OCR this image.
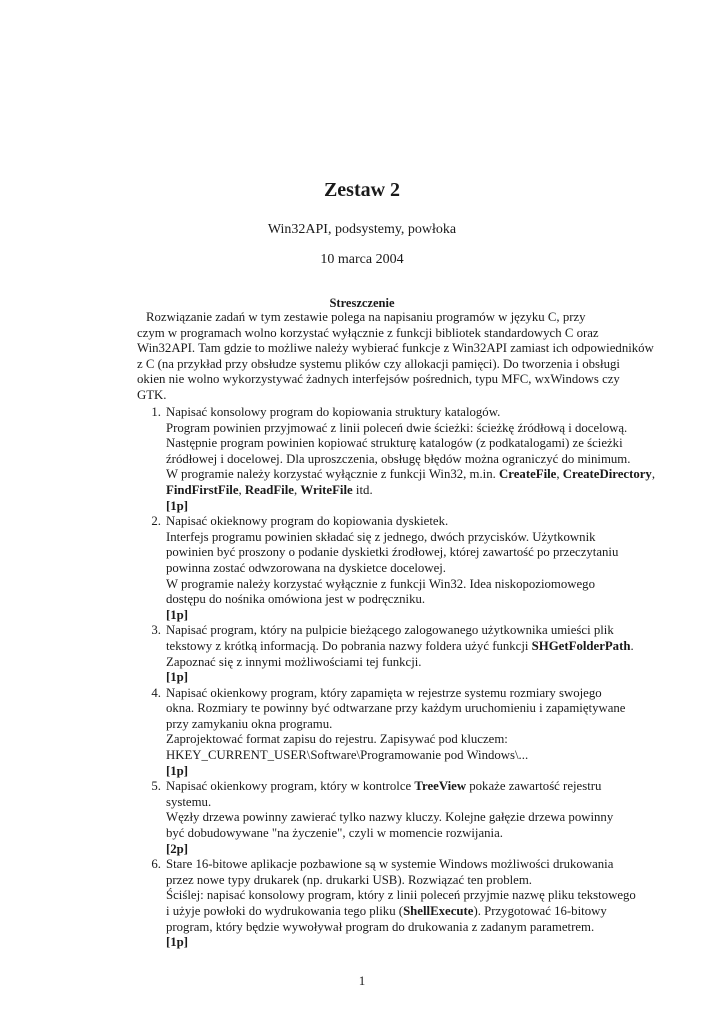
Zestaw 2
Win32API, podsystemy, powłoka
10 marca 2004
Streszczenie
Rozwiązanie zadań w tym zestawie polega na napisaniu programów w języku C, przy
czym w programach wolno korzystać wyłącznie z funkcji bibliotek standardowych C oraz
Win32API. Tam gdzie to możliwe należy wybierać funkcje z Win32API zamiast ich odpowiedników
z C (na przykład przy obsłudze systemu plików czy allokacji pamięci). Do tworzenia i obsługi
okien nie wolno wykorzystywać żadnych interfejsów pośrednich, typu MFC, wxWindows czy
GTK.
1. Napisać konsolowy program do kopiowania struktury katalogów.
Program powinien przyjmować z linii poleceń dwie ścieżki: ścieżkę źródłową i docelową.
Następnie program powinien kopiować strukturę katalogów (z podkatalogami) ze ścieżki
źródłowej i docelowej. Dla uproszczenia, obsługę błędów można ograniczyć do minimum.
W programie należy korzystać wyłącznie z funkcji Win32, m.in. CreateFile, CreateDirectory,
FindFirstFile, ReadFile, WriteFile itd.
[1p]
2. Napisać okieknowy program do kopiowania dyskietek.
Interfejs programu powinien składać się z jednego, dwóch przycisków. Użytkownik
powinien być proszony o podanie dyskietki źrodłowej, której zawartość po przeczytaniu
powinna zostać odwzorowana na dyskietce docelowej.
W programie należy korzystać wyłącznie z funkcji Win32. Idea niskopoziomowego
dostępu do nośnika omówiona jest w podręczniku.
[1p]
3. Napisać program, który na pulpicie bieżącego zalogowanego użytkownika umieści plik
tekstowy z krótką informacją. Do pobrania nazwy foldera użyć funkcji SHGetFolderPath.
Zapoznać się z innymi możliwościami tej funkcji.
[1p]
4. Napisać okienkowy program, który zapamięta w rejestrze systemu rozmiary swojego
okna. Rozmiary te powinny być odtwarzane przy każdym uruchomieniu i zapamiętywane
przy zamykaniu okna programu.
Zaprojektować format zapisu do rejestru. Zapisywać pod kluczem:
HKEY_CURRENT_USER\Software\Programowanie pod Windows\...
[1p]
5. Napisać okienkowy program, który w kontrolce TreeView pokaże zawartość rejestru
systemu.
Węzły drzewa powinny zawierać tylko nazwy kluczy. Kolejne gałęzie drzewa powinny
być dobudowywane "na życzenie", czyli w momencie rozwijania.
[2p]
6. Stare 16-bitowe aplikacje pozbawione są w systemie Windows możliwości drukowania
przez nowe typy drukarek (np. drukarki USB). Rozwiązać ten problem.
Ściślej: napisać konsolowy program, który z linii poleceń przyjmie nazwę pliku tekstowego
i użyje powłoki do wydrukowania tego pliku (ShellExecute). Przygotować 16-bitowy
program, który będzie wywoływał program do drukowania z zadanym parametrem.
[1p]
1
